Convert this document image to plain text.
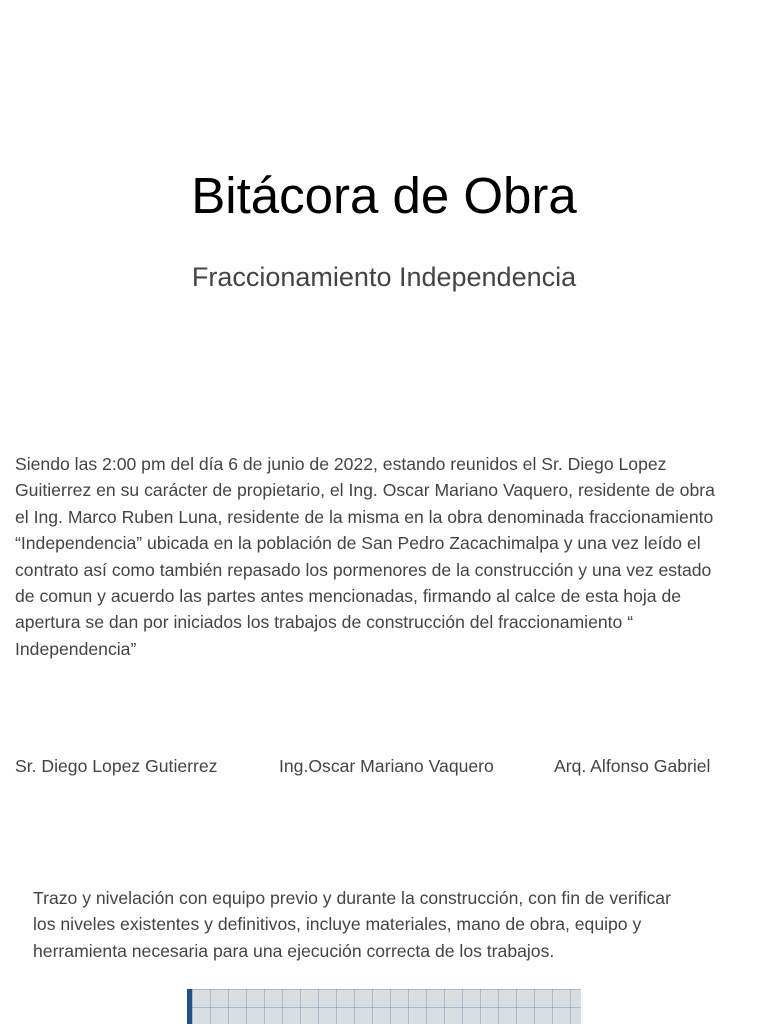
Bitácora de Obra
Fraccionamiento Independencia
Siendo las 2:00 pm del día 6 de junio de 2022, estando reunidos el Sr. Diego Lopez
Guitierrez en su carácter de propietario, el Ing. Oscar Mariano Vaquero, residente de obra
el Ing. Marco Ruben Luna, residente de la misma en la obra denominada fraccionamiento
“Independencia” ubicada en la población de San Pedro Zacachimalpa y una vez leído el
contrato así como también repasado los pormenores de la construcción y una vez estado
de comun y acuerdo las partes antes mencionadas, firmando al calce de esta hoja de
apertura se dan por iniciados los trabajos de construcción del fraccionamiento “
Independencia”
Sr. Diego Lopez Gutierrez	Ing.Oscar Mariano Vaquero	Arq. Alfonso Gabriel
Trazo y nivelación con equipo previo y durante la construcción, con fin de verificar
los niveles existentes y definitivos, incluye materiales, mano de obra, equipo y
herramienta necesaria para una ejecución correcta de los trabajos.
